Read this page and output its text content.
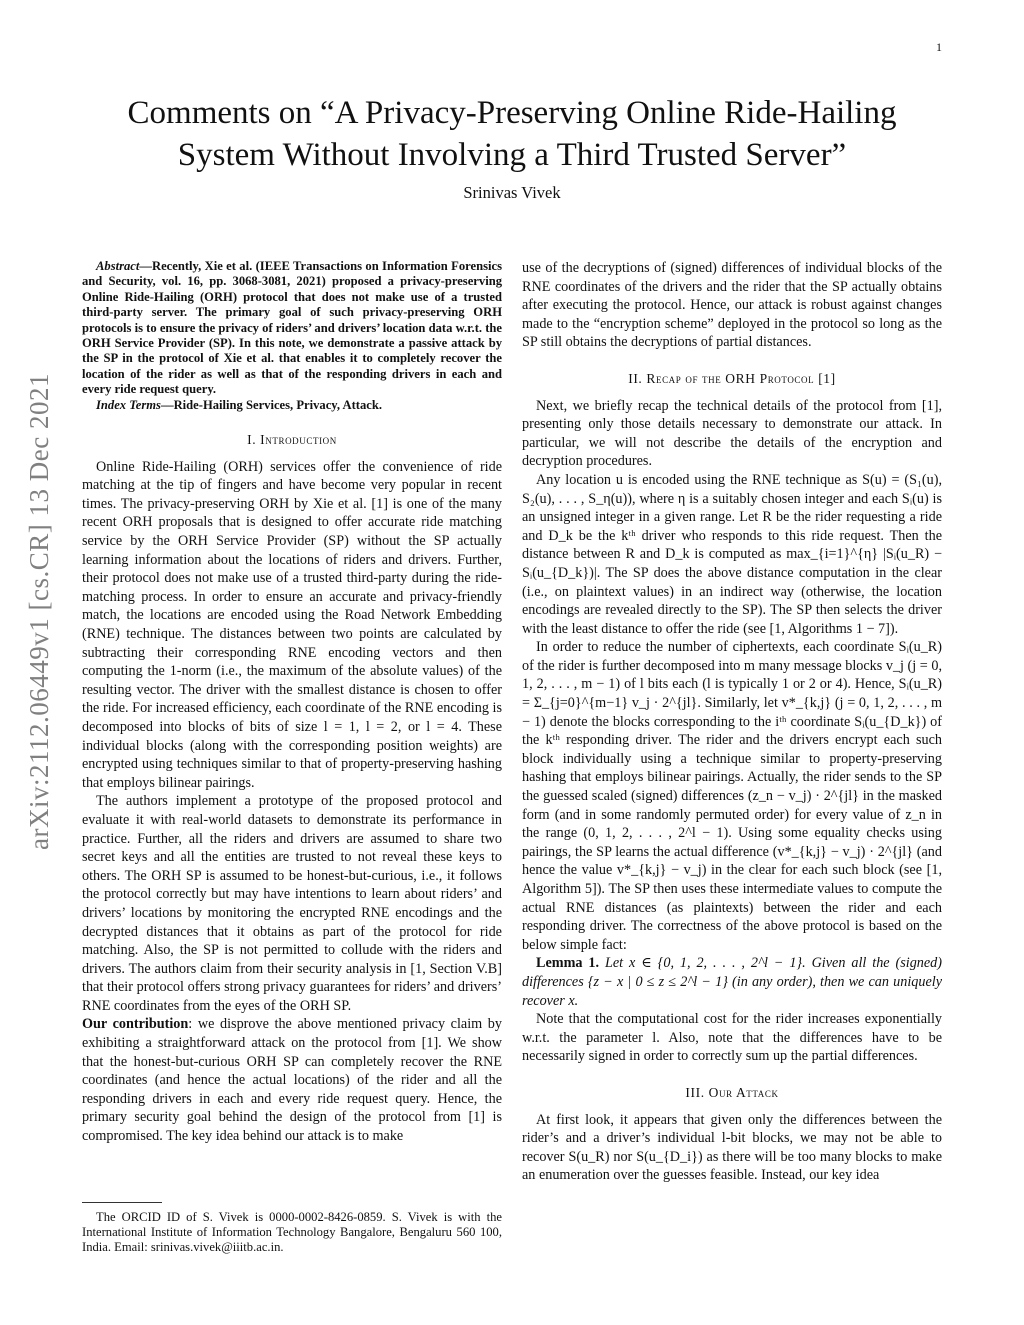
1
arXiv:2112.06449v1 [cs.CR] 13 Dec 2021
Comments on “A Privacy-Preserving Online Ride-Hailing System Without Involving a Third Trusted Server”
Srinivas Vivek

Abstract—Recently, Xie et al. (IEEE Transactions on Information Forensics and Security, vol. 16, pp. 3068-3081, 2021) proposed a privacy-preserving Online Ride-Hailing (ORH) protocol that does not make use of a trusted third-party server. The primary goal of such privacy-preserving ORH protocols is to ensure the privacy of riders’ and drivers’ location data w.r.t. the ORH Service Provider (SP). In this note, we demonstrate a passive attack by the SP in the protocol of Xie et al. that enables it to completely recover the location of the rider as well as that of the responding drivers in each and every ride request query.

Index Terms—Ride-Hailing Services, Privacy, Attack.

I. Introduction

Online Ride-Hailing (ORH) services offer the convenience of ride matching at the tip of fingers and have become very popular in recent times. The privacy-preserving ORH by Xie et al. [1] is one of the many recent ORH proposals that is designed to offer accurate ride matching service by the ORH Service Provider (SP) without the SP actually learning information about the locations of riders and drivers. Further, their protocol does not make use of a trusted third-party during the ride-matching process. In order to ensure an accurate and privacy-friendly match, the locations are encoded using the Road Network Embedding (RNE) technique. The distances between two points are calculated by subtracting their corresponding RNE encoding vectors and then computing the 1-norm (i.e., the maximum of the absolute values) of the resulting vector. The driver with the smallest distance is chosen to offer the ride. For increased efficiency, each coordinate of the RNE encoding is decomposed into blocks of bits of size l = 1, l = 2, or l = 4. These individual blocks (along with the corresponding position weights) are encrypted using techniques similar to that of property-preserving hashing that employs bilinear pairings.

The authors implement a prototype of the proposed protocol and evaluate it with real-world datasets to demonstrate its performance in practice. Further, all the riders and drivers are assumed to share two secret keys and all the entities are trusted to not reveal these keys to others. The ORH SP is assumed to be honest-but-curious, i.e., it follows the protocol correctly but may have intentions to learn about riders’ and drivers’ locations by monitoring the encrypted RNE encodings and the decrypted distances that it obtains as part of the protocol for ride matching. Also, the SP is not permitted to collude with the riders and drivers. The authors claim from their security analysis in [1, Section V.B] that their protocol offers strong privacy guarantees for riders’ and drivers’ RNE coordinates from the eyes of the ORH SP.

Our contribution: we disprove the above mentioned privacy claim by exhibiting a straightforward attack on the protocol from [1]. We show that the honest-but-curious ORH SP can completely recover the RNE coordinates (and hence the actual locations) of the rider and all the responding drivers in each and every ride request query. Hence, the primary security goal behind the design of the protocol from [1] is compromised. The key idea behind our attack is to make

The ORCID ID of S. Vivek is 0000-0002-8426-0859. S. Vivek is with the International Institute of Information Technology Bangalore, Bengaluru 560 100, India. Email: srinivas.vivek@iiitb.ac.in.

use of the decryptions of (signed) differences of individual blocks of the RNE coordinates of the drivers and the rider that the SP actually obtains after executing the protocol. Hence, our attack is robust against changes made to the “encryption scheme” deployed in the protocol so long as the SP still obtains the decryptions of partial distances.

II. Recap of the ORH Protocol [1]

Next, we briefly recap the technical details of the protocol from [1], presenting only those details necessary to demonstrate our attack. In particular, we will not describe the details of the encryption and decryption procedures.

Any location u is encoded using the RNE technique as S(u) = (S₁(u), S₂(u), . . . , S_η(u)), where η is a suitably chosen integer and each Sᵢ(u) is an unsigned integer in a given range. Let R be the rider requesting a ride and D_k be the kᵗʰ driver who responds to this ride request. Then the distance between R and D_k is computed as max_{i=1}^{η} |Sᵢ(u_R) − Sᵢ(u_{D_k})|. The SP does the above distance computation in the clear (i.e., on plaintext values) in an indirect way (otherwise, the location encodings are revealed directly to the SP). The SP then selects the driver with the least distance to offer the ride (see [1, Algorithms 1 − 7]).

In order to reduce the number of ciphertexts, each coordinate Sᵢ(u_R) of the rider is further decomposed into m many message blocks v_j (j = 0, 1, 2, . . . , m − 1) of l bits each (l is typically 1 or 2 or 4). Hence, Sᵢ(u_R) = Σ_{j=0}^{m−1} v_j · 2^{jl}. Similarly, let v*_{k,j} (j = 0, 1, 2, . . . , m − 1) denote the blocks corresponding to the iᵗʰ coordinate Sᵢ(u_{D_k}) of the kᵗʰ responding driver. The rider and the drivers encrypt each such block individually using a technique similar to property-preserving hashing that employs bilinear pairings. Actually, the rider sends to the SP the guessed scaled (signed) differences (z_n − v_j) · 2^{jl} in the masked form (and in some randomly permuted order) for every value of z_n in the range (0, 1, 2, . . . , 2^l − 1). Using some equality checks using pairings, the SP learns the actual difference (v*_{k,j} − v_j) · 2^{jl} (and hence the value v*_{k,j} − v_j) in the clear for each such block (see [1, Algorithm 5]). The SP then uses these intermediate values to compute the actual RNE distances (as plaintexts) between the rider and each responding driver. The correctness of the above protocol is based on the below simple fact:

Lemma 1. Let x ∈ {0, 1, 2, . . . , 2^l − 1}. Given all the (signed) differences {z − x | 0 ≤ z ≤ 2^l − 1} (in any order), then we can uniquely recover x.

Note that the computational cost for the rider increases exponentially w.r.t. the parameter l. Also, note that the differences have to be necessarily signed in order to correctly sum up the partial differences.

III. Our Attack

At first look, it appears that given only the differences between the rider’s and a driver’s individual l-bit blocks, we may not be able to recover S(u_R) nor S(u_{D_i}) as there will be too many blocks to make an enumeration over the guesses feasible. Instead, our key idea
